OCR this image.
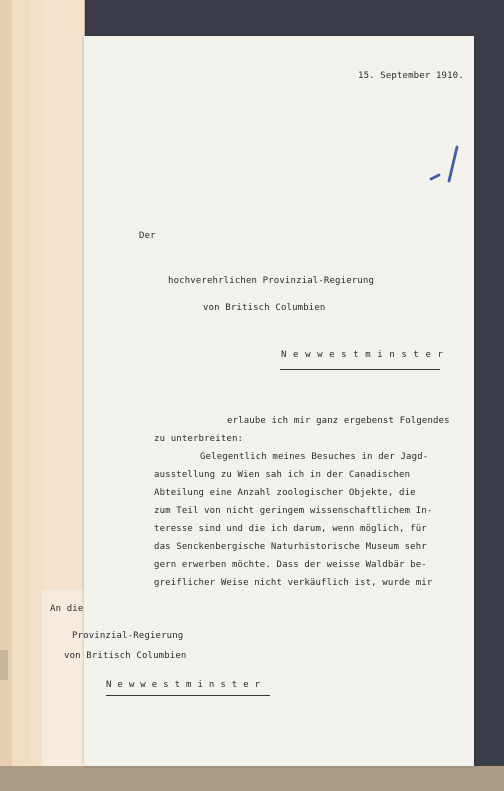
15. September 1910.
1
Der
hochverehrlichen Provinzial-Regierung
von Britisch Columbien
N e w w e s t m i n s t e r
erlaube ich mir ganz ergebenst Folgendes
zu unterbreiten:
Gelegentlich meines Besuches in der Jagd-
ausstellung zu Wien sah ich in der Canadischen
Abteilung eine Anzahl zoologischer Objekte, die
zum Teil von nicht geringem wissenschaftlichem In-
teresse sind und die ich darum, wenn möglich, für
das Senckenbergische Naturhistorische Museum sehr
gern erwerben möchte. Dass der weisse Waldbär be-
greiflicher Weise nicht verkäuflich ist, wurde mir
An die
Provinzial-Regierung
von Britisch Columbien
N e w w e s t m i n s t e r
